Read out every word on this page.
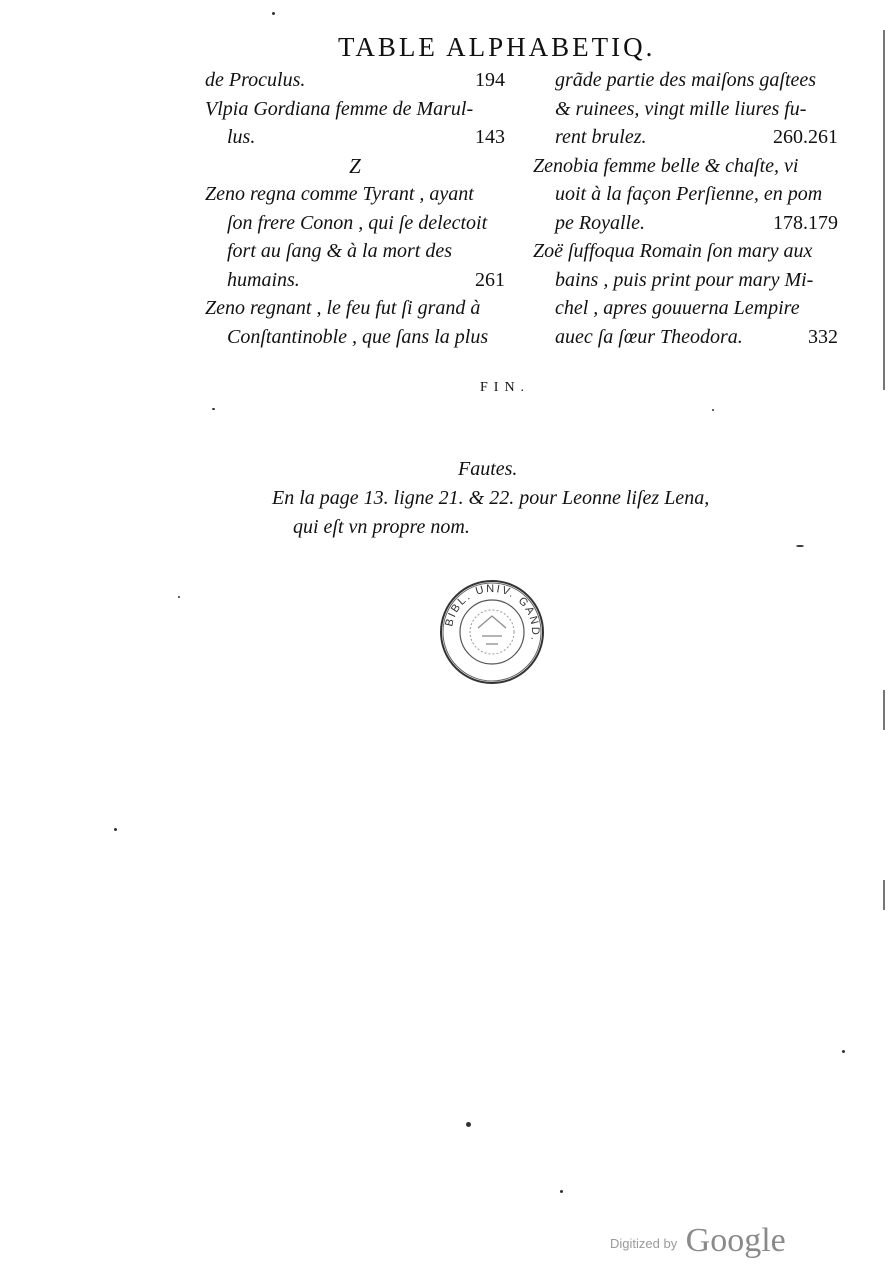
TABLE ALPHABETIQ.
de Proculus.	194
Vlpia Gordiana femme de Marul-
lus.	143
Z
Zeno regna comme Tyrant , ayant
ſon frere Conon , qui ſe delectoit
fort au ſang & à la mort des
humains.	261
Zeno regnant , le feu fut ſi grand à
Conſtantinoble , que ſans la plus
grãde partie des maiſons gaſtees
& ruinees, vingt mille liures fu-
rent brulez.	260.261
Zenobia femme belle & chaſte, vi
uoit à la façon Perſienne, en pom
pe Royalle.	178.179
Zoë ſuffoqua Romain ſon mary aux
bains , puis print pour mary Mi-
chel , apres gouuerna Lempire
auec ſa ſœur Theodora.	332
FIN.
Fautes.
En la page 13. ligne 21. & 22. pour Leonne liſez Lena,
qui eſt vn propre nom.
BIBL. UNIV. GAND.
Digitized by Google
